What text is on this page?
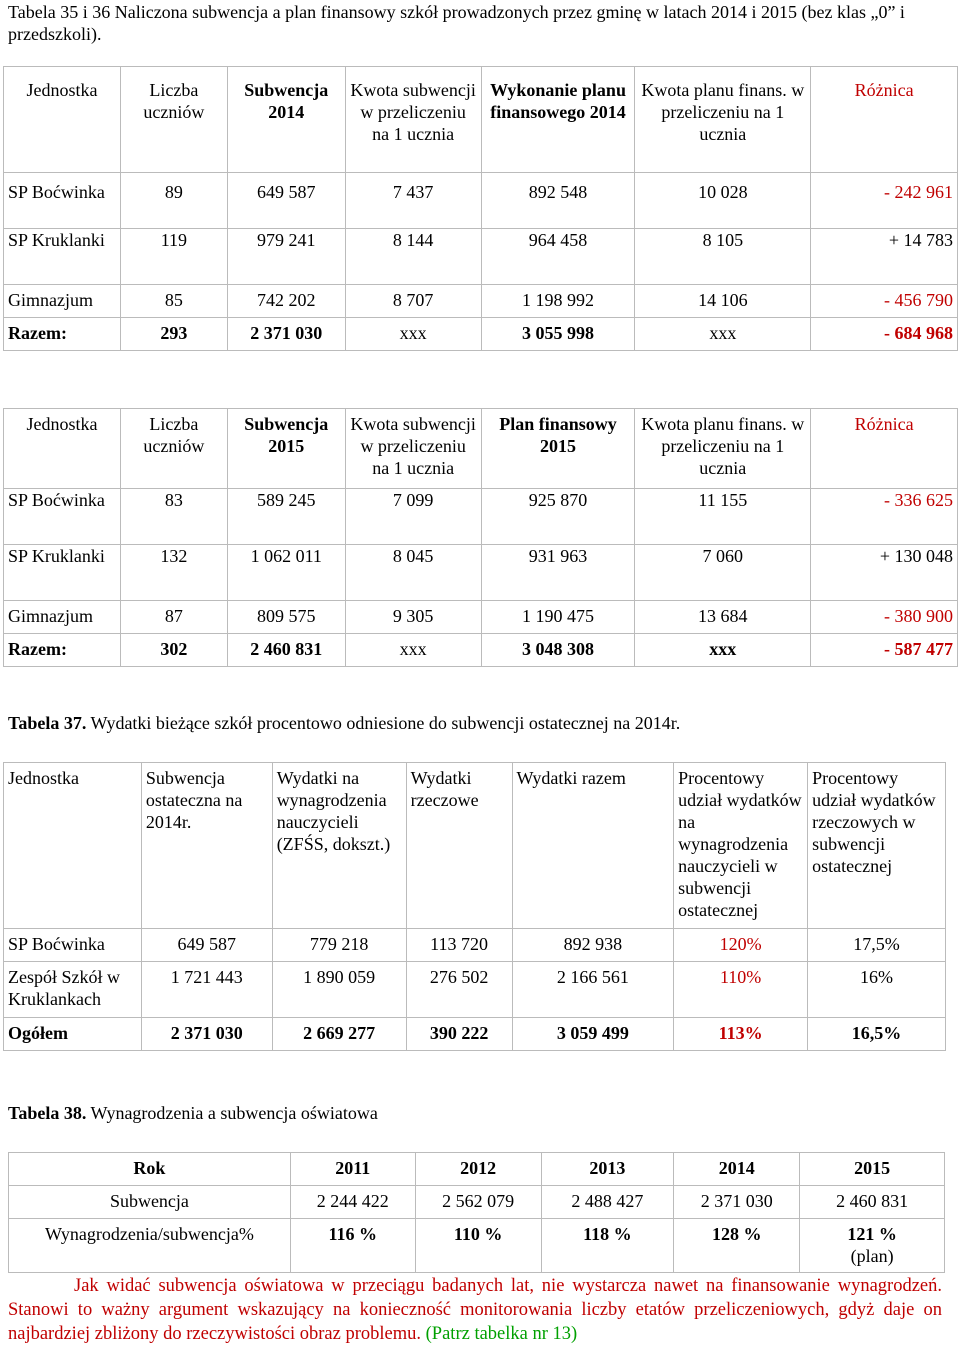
Tabela 35 i 36 Naliczona subwencja a plan finansowy szkół prowadzonych przez gminę w latach 2014 i 2015 (bez klas „0” i przedszkoli).
Jednostka	Liczba uczniów	Subwencja 2014	Kwota subwencji w przeliczeniu na 1 ucznia	Wykonanie planu finansowego 2014	Kwota planu finans. w przeliczeniu na 1 ucznia	Różnica
SP Boćwinka	89	649 587	7 437	892 548	10 028	- 242 961
SP Kruklanki	119	979 241	8 144	964 458	8 105	+ 14 783
Gimnazjum	85	742 202	8 707	1 198 992	14 106	- 456 790
Razem:	293	2 371 030	xxx	3 055 998	xxx	- 684 968
Jednostka	Liczba uczniów	Subwencja 2015	Kwota subwencji w przeliczeniu na 1 ucznia	Plan finansowy 2015	Kwota planu finans. w przeliczeniu na 1 ucznia	Różnica
SP Boćwinka	83	589 245	7 099	925 870	11 155	- 336 625
SP Kruklanki	132	1 062 011	8 045	931 963	7 060	+ 130 048
Gimnazjum	87	809 575	9 305	1 190 475	13 684	- 380 900
Razem:	302	2 460 831	xxx	3 048 308	xxx	- 587 477
Tabela 37. Wydatki bieżące szkół procentowo odniesione do subwencji ostatecznej na 2014r.
Jednostka	Subwencja ostateczna na 2014r.	Wydatki na wynagrodzenia nauczycieli (ZFŚS, dokszt.)	Wydatki rzeczowe	Wydatki razem	Procentowy udział wydatków na wynagrodzenia nauczycieli w subwencji ostatecznej	Procentowy udział wydatków rzeczowych w subwencji ostatecznej
SP Boćwinka	649 587	779 218	113 720	892 938	120%	17,5%
Zespół Szkół w Kruklankach	1 721 443	1 890 059	276 502	2 166 561	110%	16%
Ogółem	2 371 030	2 669 277	390 222	3 059 499	113%	16,5%
Tabela 38. Wynagrodzenia a subwencja oświatowa
Rok	2011	2012	2013	2014	2015
Subwencja	2 244 422	2 562 079	2 488 427	2 371 030	2 460 831
Wynagrodzenia/subwencja%	116 %	110 %	118 %	128 %	121 %
(plan)
Jak widać subwencja oświatowa w przeciągu badanych lat, nie wystarcza nawet na finansowanie wynagrodzeń. Stanowi to ważny argument wskazujący na konieczność monitorowania liczby etatów przeliczeniowych, gdyż daje on najbardziej zbliżony do rzeczywistości obraz problemu. (Patrz tabelka nr 13)
